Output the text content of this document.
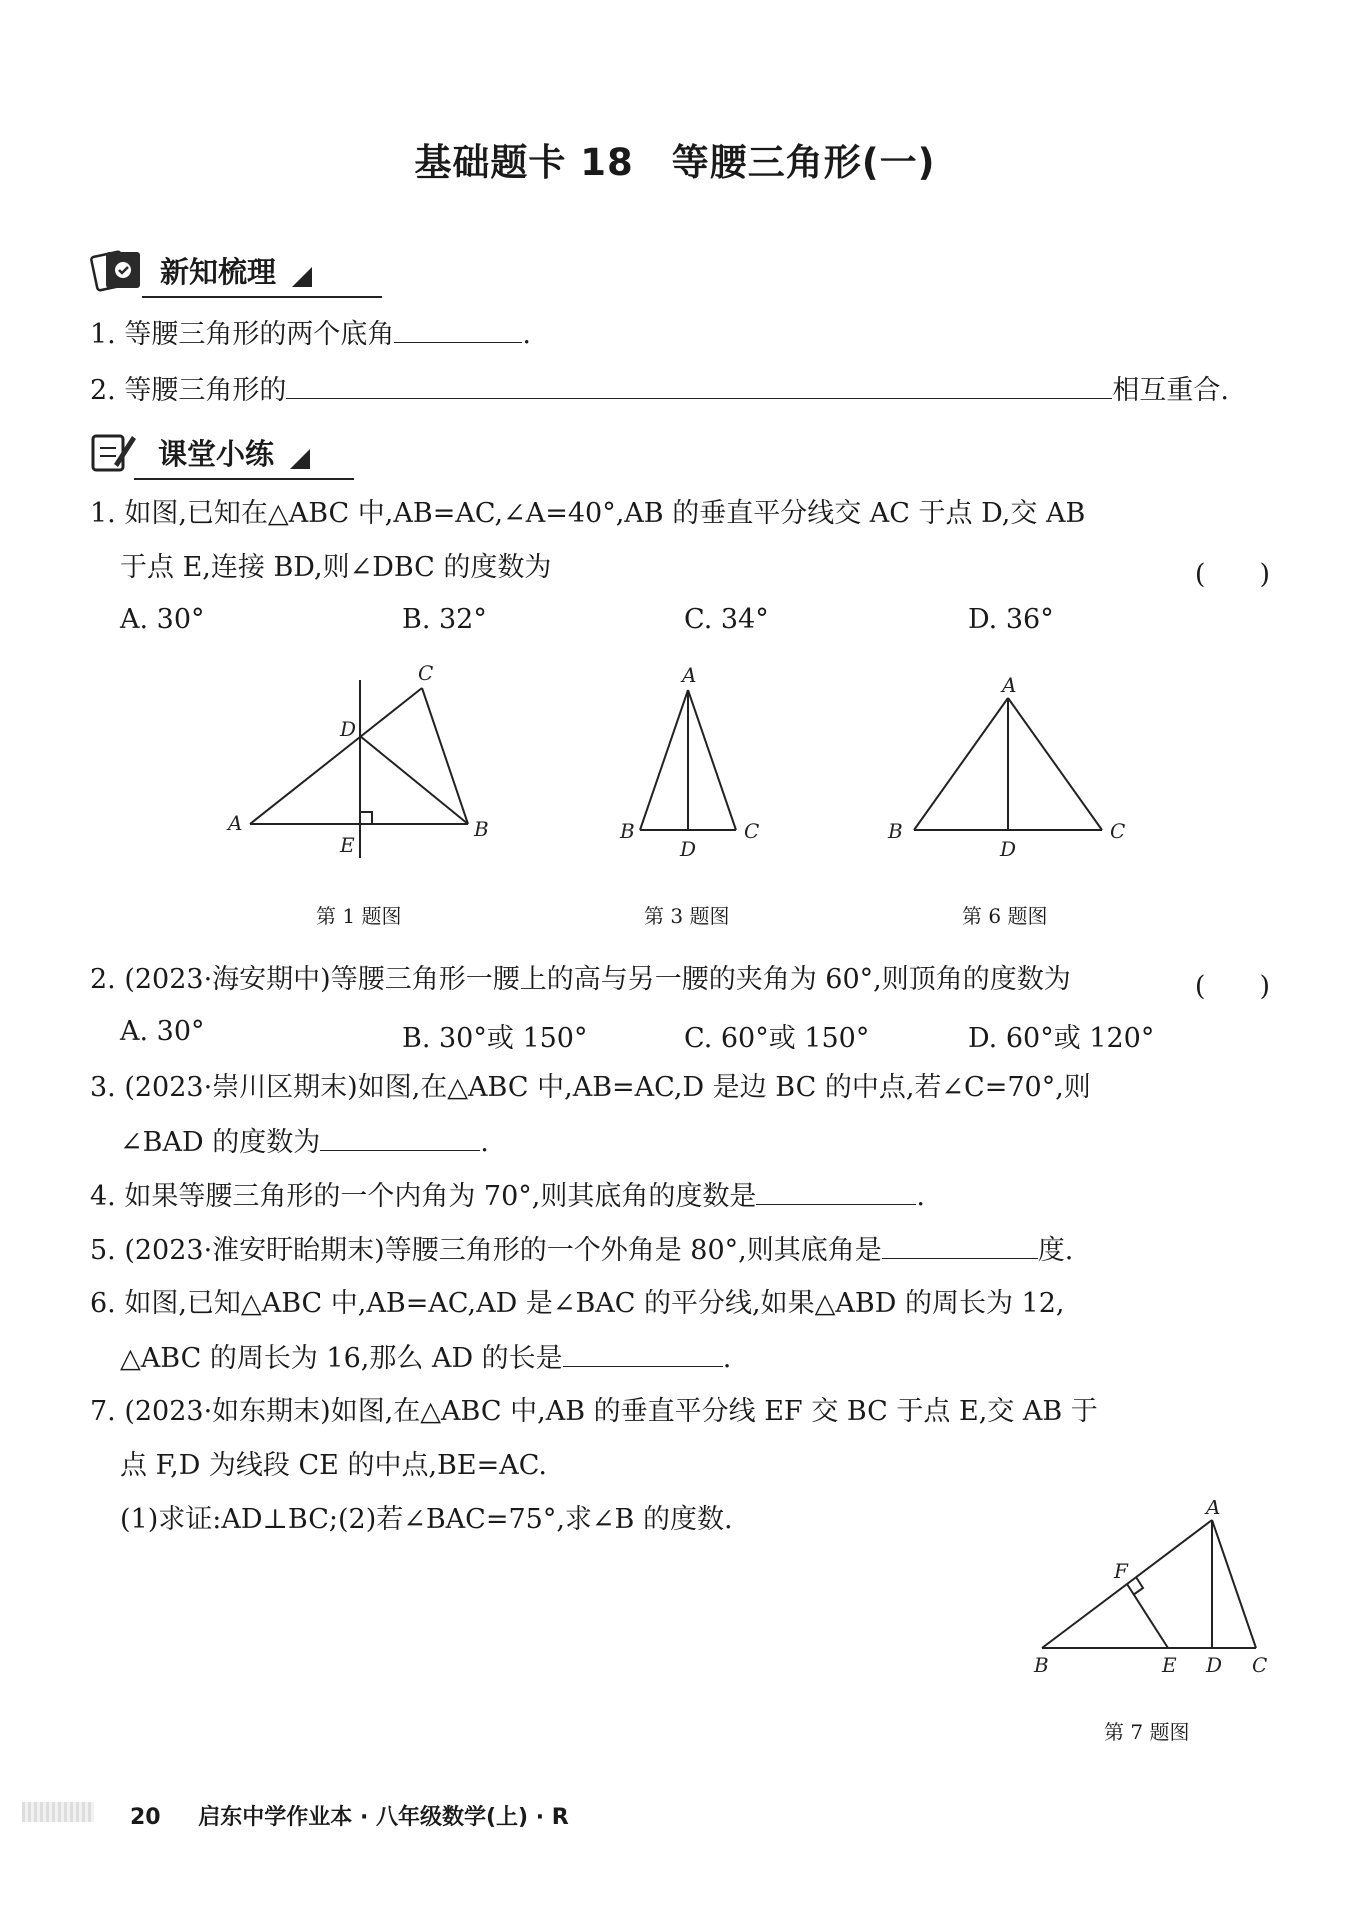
基础题卡 18　等腰三角形(一)
新知梳理
1. 等腰三角形的两个底角	.
2. 等腰三角形的	相互重合.
课堂小练
1. 如图,已知在△ABC 中,AB=AC,∠A=40°,AB 的垂直平分线交 AC 于点 D,交 AB
于点 E,连接 BD,则∠DBC 的度数为	(　　)
A. 30°	B. 32°	C. 34°	D. 36°
A	B
C
D
E
第 1 题图
A
B	C
D
第 3 题图
A
B	C
D
第 6 题图
2. (2023·海安期中)等腰三角形一腰上的高与另一腰的夹角为 60°,则顶角的度数为	(　　)
A. 30°	B. 30°或 150°	C. 60°或 150°	D. 60°或 120°
3. (2023·崇川区期末)如图,在△ABC 中,AB=AC,D 是边 BC 的中点,若∠C=70°,则
∠BAD 的度数为	.
4. 如果等腰三角形的一个内角为 70°,则其底角的度数是	.
5. (2023·淮安盱眙期末)等腰三角形的一个外角是 80°,则其底角是	度.
6. 如图,已知△ABC 中,AB=AC,AD 是∠BAC 的平分线,如果△ABD 的周长为 12,
△ABC 的周长为 16,那么 AD 的长是	.
7. (2023·如东期末)如图,在△ABC 中,AB 的垂直平分线 EF 交 BC 于点 E,交 AB 于
点 F,D 为线段 CE 的中点,BE=AC.
(1)求证:AD⊥BC;(2)若∠BAC=75°,求∠B 的度数.	A
B	C
D
E
F
第 7 题图
20 启东中学作业本 · 八年级数学(上) · R
